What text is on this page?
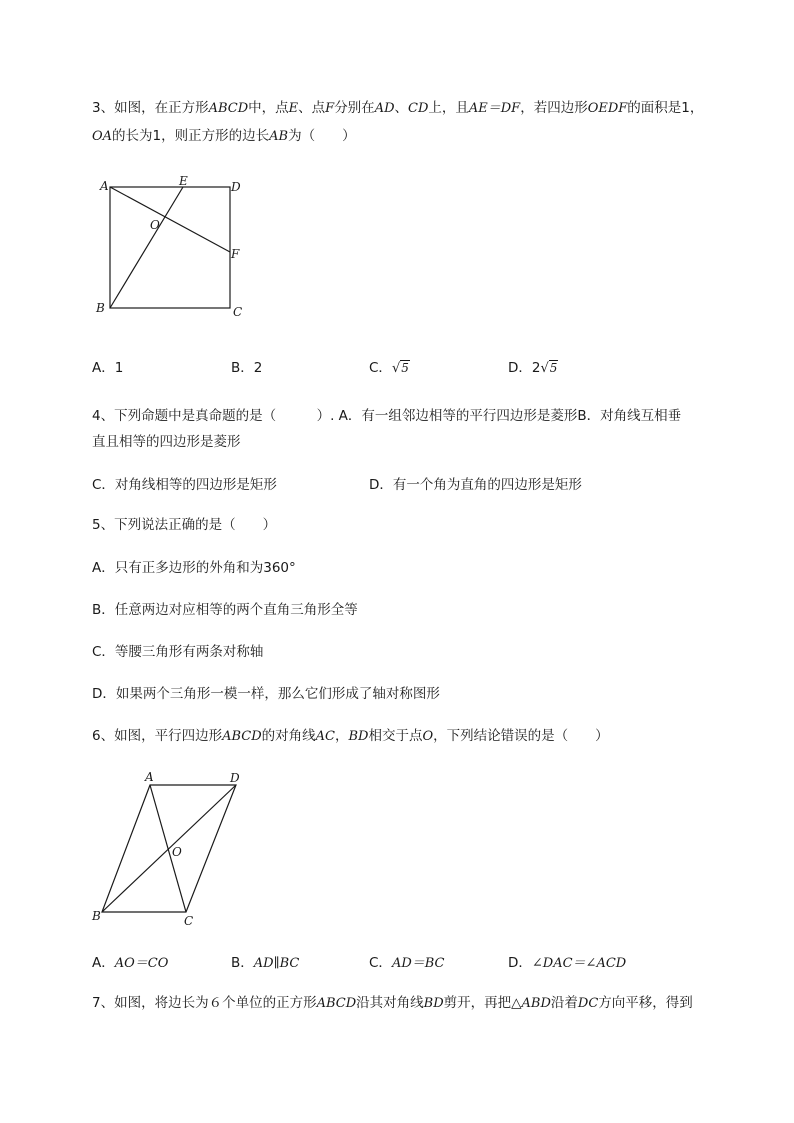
3、如图，在正方形ABCD中，点E、点F分别在AD、CD上，且AE＝DF，若四边形OEDF的面积是1，
OA的长为1，则正方形的边长AB为（　　）
A	E	D
O
F
B	C
A．1	B．2	C．√5	D．2√5
4、下列命题中是真命题的是（　　　）. A．有一组邻边相等的平行四边形是菱形B．对角线互相垂
直且相等的四边形是菱形
C．对角线相等的四边形是矩形	D．有一个角为直角的四边形是矩形
5、下列说法正确的是（　　）
A．只有正多边形的外角和为360°
B．任意两边对应相等的两个直角三角形全等
C．等腰三角形有两条对称轴
D．如果两个三角形一模一样，那么它们形成了轴对称图形
6、如图，平行四边形ABCD的对角线AC，BD相交于点O，下列结论错误的是（　　）
A	D
O
B	C
A．AO＝CO	B．AD∥BC	C．AD＝BC	D．∠DAC＝∠ACD
7、如图，将边长为６个单位的正方形ABCD沿其对角线BD剪开，再把△ABD沿着DC方向平移，得到
